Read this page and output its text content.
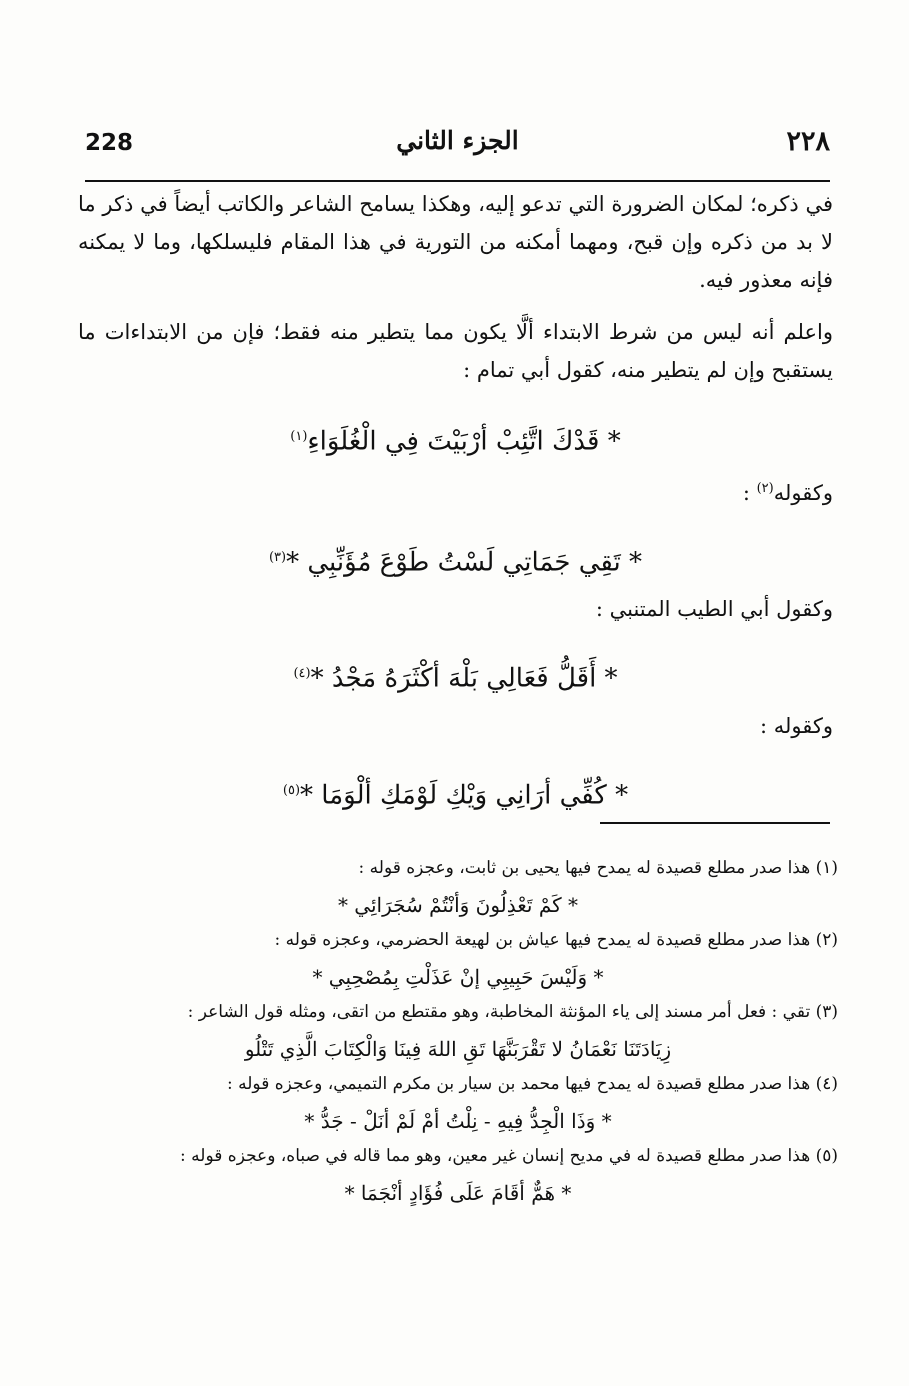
228	الجزء الثاني	٢٢٨

في ذكره؛ لمكان الضرورة التي تدعو إليه، وهكذا يسامح الشاعر والكاتب أيضاً في ذكر ما لا بد من ذكره وإن قبح، ومهما أمكنه من التورية في هذا المقام فليسلكها، وما لا يمكنه فإنه معذور فيه.

واعلم أنه ليس من شرط الابتداء ألَّا يكون مما يتطير منه فقط؛ فإن من الابتداءات ما يستقبح وإن لم يتطير منه، كقول أبي تمام :

* قَدْكَ اتَّئِبْ أرْبَيْتَ فِي الْغُلَوَاءِ$^{(١)}$

وكقوله$^{(٢)}$ :

* تَقِي جَمَاتِي لَسْتُ طَوْعَ مُؤَنِّبِي *$^{(٣)}$

وكقول أبي الطيب المتنبي :

* أَقَلُّ فَعَالِي بَلْهَ أكْثَرَهُ مَجْدُ *$^{(٤)}$

وكقوله :

* كُفِّي أرَانِي وَيْكِ لَوْمَكِ ألْوَمَا *$^{(٥)}$

(١) هذا صدر مطلع قصيدة له يمدح فيها يحيى بن ثابت، وعجزه قوله :

* كَمْ تَعْذِلُونَ وَأنْتُمْ سُجَرَائِي *

(٢) هذا صدر مطلع قصيدة له يمدح فيها عياش بن لهيعة الحضرمي، وعجزه قوله :

* وَلَيْسَ حَبِيبِي إنْ عَذَلْتِ بِمُصْحِبِي *

(٣) تقي : فعل أمر مسند إلى ياء المؤنثة المخاطبة، وهو مقتطع من اتقى، ومثله قول الشاعر :

زِيَادَتَنَا نَعْمَانُ لا تَقْرَبَنَّهَا تَقِ اللهَ فِينَا وَالْكِتَابَ الَّذِي تَتْلُو

(٤) هذا صدر مطلع قصيدة له يمدح فيها محمد بن سيار بن مكرم التميمي، وعجزه قوله :

* وَذَا الْجِدُّ فِيهِ - نِلْتُ أمْ لَمْ أنَلْ - جَدُّ *

(٥) هذا صدر مطلع قصيدة له في مديح إنسان غير معين، وهو مما قاله في صباه، وعجزه قوله :

* هَمٌّ أقَامَ عَلَى فُؤَادٍ أنْجَمَا *
